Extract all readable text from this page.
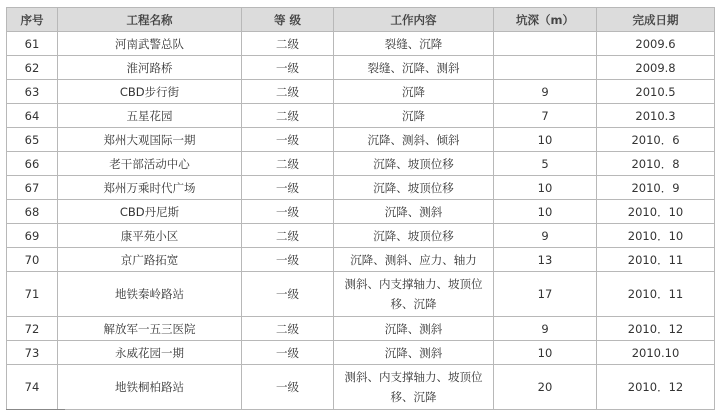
序号	工程名称	等 级	工作内容	坑深（m）	完成日期
61	河南武警总队	二级	裂缝、沉降		2009.6
62	淮河路桥	一级	裂缝、沉降、测斜		2009.8
63	CBD步行街	二级	沉降	9	2010.5
64	五星花园	二级	沉降	7	2010.3
65	郑州大观国际一期	一级	沉降、测斜、倾斜	10	2010．6
66	老干部活动中心	二级	沉降、坡顶位移	5	2010．8
67	郑州万乘时代广场	一级	沉降、坡顶位移	10	2010．9
68	CBD丹尼斯	一级	沉降、测斜	10	2010．10
69	康平苑小区	二级	沉降、坡顶位移	9	2010．10
70	京广路拓宽	一级	沉降、测斜、应力、轴力	13	2010．11
71	地铁秦岭路站	一级	测斜、内支撑轴力、坡顶位移、沉降	17	2010．11
72	解放军一五三医院	二级	沉降、测斜	9	2010．12
73	永威花园一期	一级	沉降、测斜	10	2010.10
74	地铁桐柏路站	一级	测斜、内支撑轴力、坡顶位移、沉降	20	2010．12
